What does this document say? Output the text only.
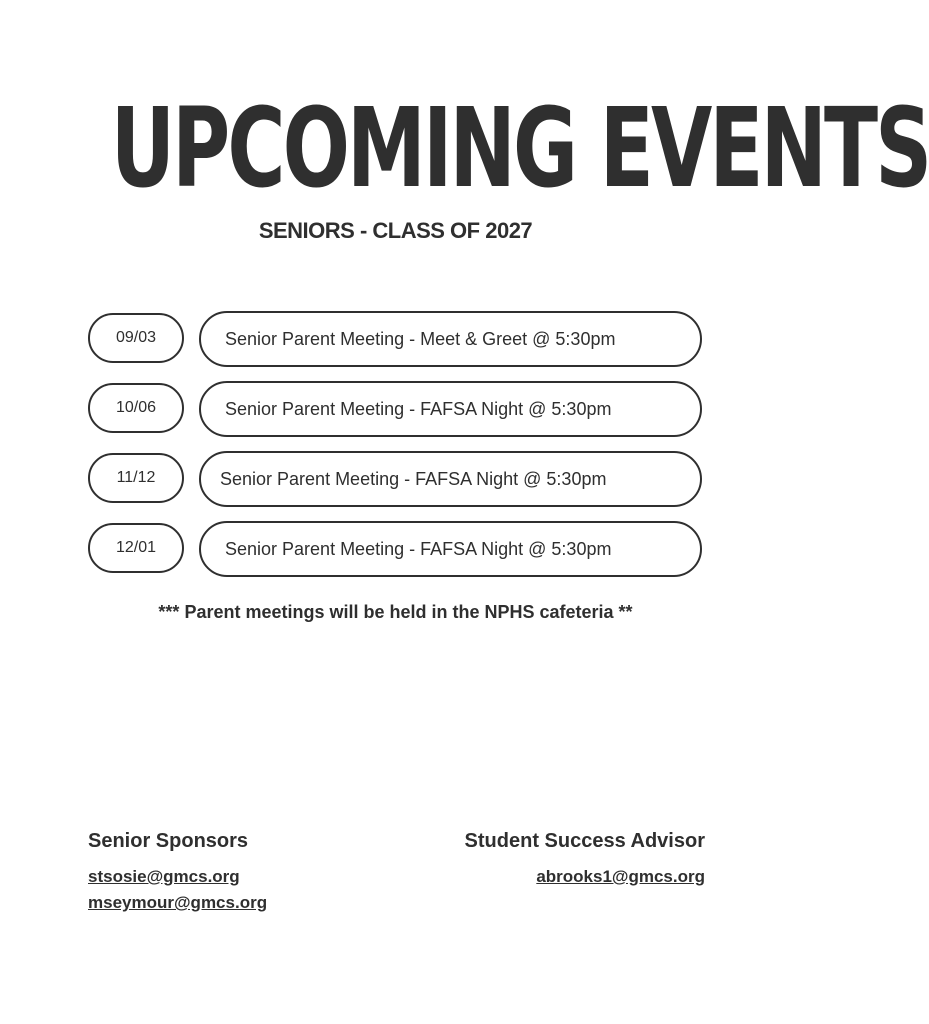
UPCOMING EVENTS
SENIORS - CLASS OF 2027
09/03	Senior Parent Meeting - Meet & Greet @ 5:30pm
10/06	Senior Parent Meeting - FAFSA Night @ 5:30pm
11/12	Senior Parent Meeting - FAFSA Night @ 5:30pm
12/01	Senior Parent Meeting - FAFSA Night @ 5:30pm
*** Parent meetings will be held in the NPHS cafeteria **
Senior Sponsors
stsosie@gmcs.org
mseymour@gmcs.org
Student Success Advisor
abrooks1@gmcs.org
